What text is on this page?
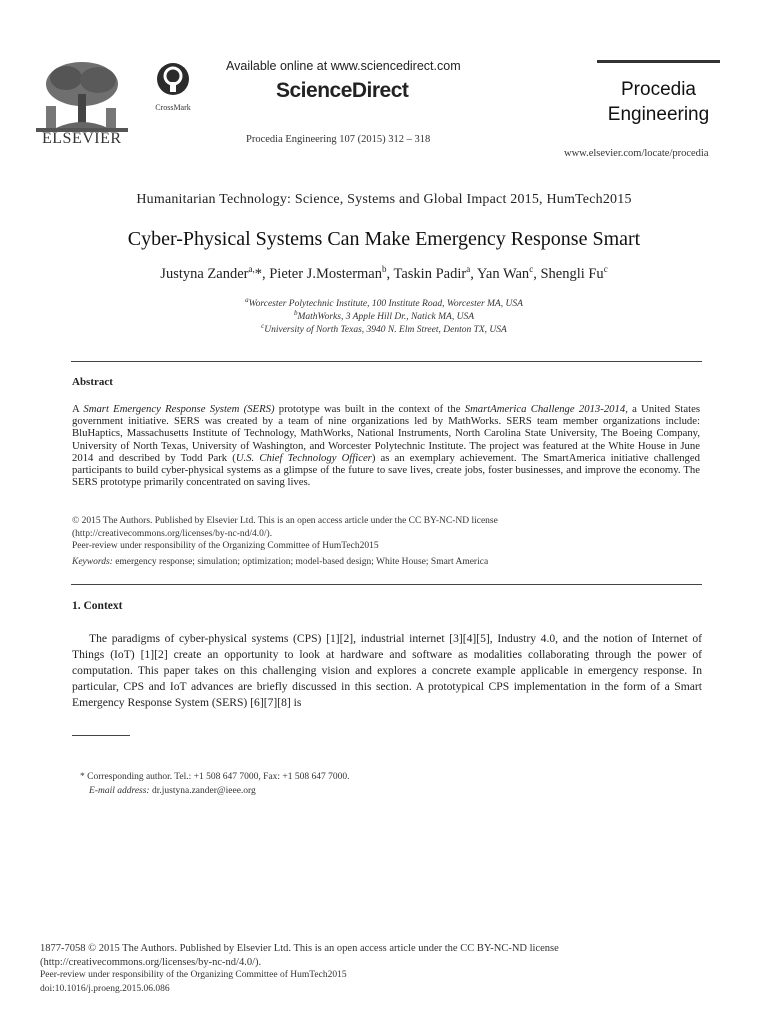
ELSEVIER
CrossMark
Available online at www.sciencedirect.com
ScienceDirect
Procedia Engineering 107 (2015) 312 – 318
Procedia
Engineering
www.elsevier.com/locate/procedia
Humanitarian Technology: Science, Systems and Global Impact 2015, HumTech2015
Cyber-Physical Systems Can Make Emergency Response Smart
Justyna Zander$^{a,}$*, Pieter J.Mosterman$^b$, Taskin Padir$^a$, Yan Wan$^c$, Shengli Fu$^c$
$^a$Worcester Polytechnic Institute, 100 Institute Road, Worcester MA, USA
$^b$MathWorks, 3 Apple Hill Dr., Natick MA, USA
$^c$University of North Texas, 3940 N. Elm Street, Denton TX, USA
Abstract
A Smart Emergency Response System (SERS) prototype was built in the context of the SmartAmerica Challenge 2013-2014, a United States government initiative. SERS was created by a team of nine organizations led by MathWorks. SERS team member organizations include: BluHaptics, Massachusetts Institute of Technology, MathWorks, National Instruments, North Carolina State University, The Boeing Company, University of North Texas, University of Washington, and Worcester Polytechnic Institute. The project was featured at the White House in June 2014 and described by Todd Park (U.S. Chief Technology Officer) as an exemplary achievement. The SmartAmerica initiative challenged participants to build cyber-physical systems as a glimpse of the future to save lives, create jobs, foster businesses, and improve the economy. The SERS prototype primarily concentrated on saving lives.
© 2015 The Authors. Published by Elsevier Ltd. This is an open access article under the CC BY-NC-ND license
(http://creativecommons.org/licenses/by-nc-nd/4.0/).
Peer-review under responsibility of the Organizing Committee of HumTech2015
Keywords: emergency response; simulation; optimization; model-based design; White House; Smart America
1. Context
The paradigms of cyber-physical systems (CPS) [1][2], industrial internet [3][4][5], Industry 4.0, and the notion of Internet of Things (IoT) [1][2] create an opportunity to look at hardware and software as modalities collaborating through the power of computation. This paper takes on this challenging vision and explores a concrete example applicable in emergency response. In particular, CPS and IoT advances are briefly discussed in this section. A prototypical CPS implementation in the form of a Smart Emergency Response System (SERS) [6][7][8] is
* Corresponding author. Tel.: +1 508 647 7000, Fax: +1 508 647 7000.
E-mail address: dr.justyna.zander@ieee.org
1877-7058 © 2015 The Authors. Published by Elsevier Ltd. This is an open access article under the CC BY-NC-ND license
(http://creativecommons.org/licenses/by-nc-nd/4.0/).
Peer-review under responsibility of the Organizing Committee of HumTech2015
doi:10.1016/j.proeng.2015.06.086
